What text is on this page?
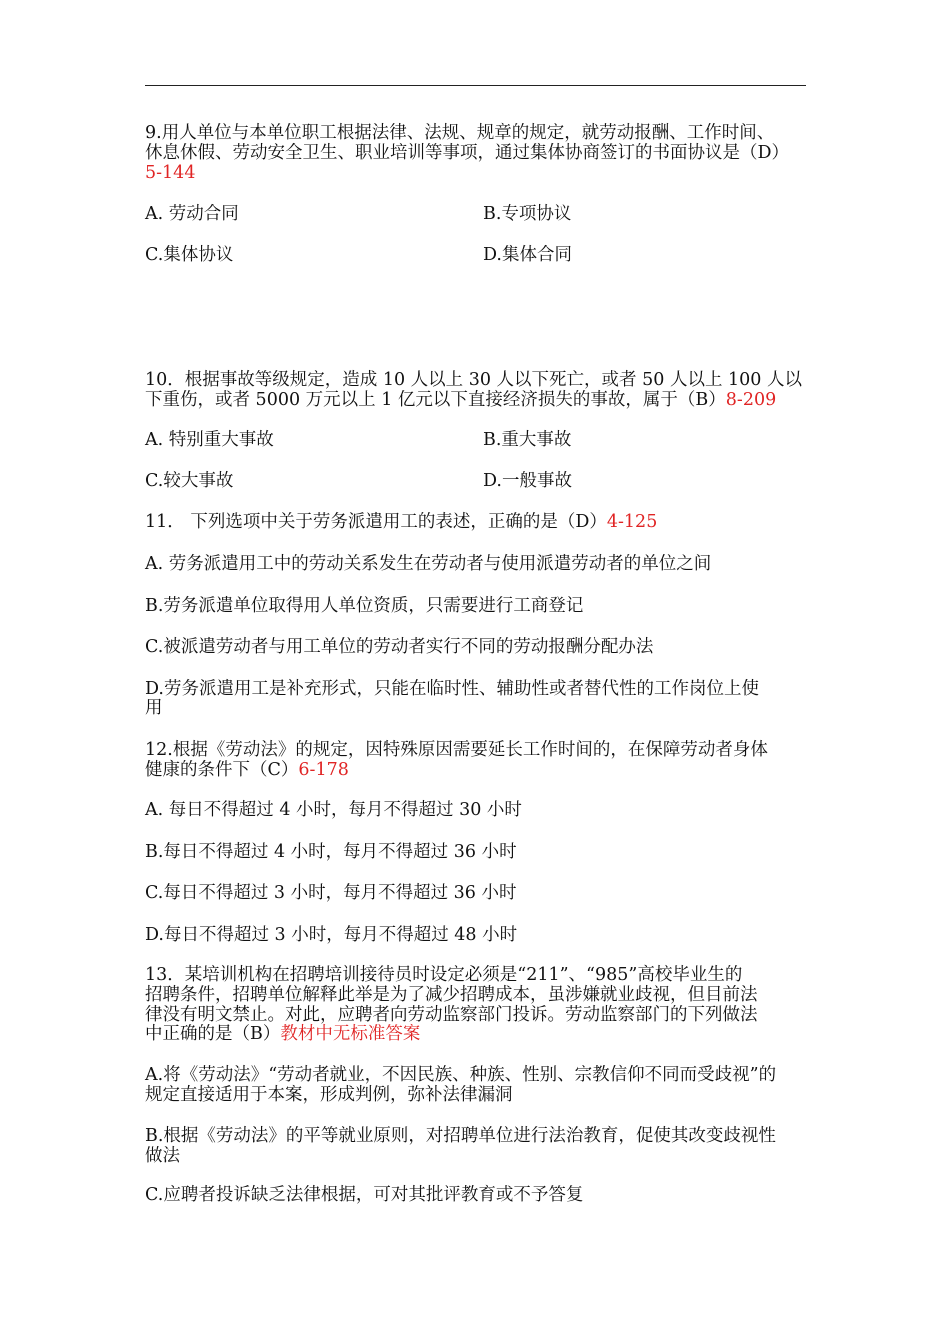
9.用人单位与本单位职工根据法律、法规、规章的规定，就劳动报酬、工作时间、

休息休假、劳动安全卫生、职业培训等事项，通过集体协商签订的书面协议是（D）

5-144

A. 劳动合同	B.专项协议

C.集体协议	D.集体合同

10．根据事故等级规定，造成 10 人以上 30 人以下死亡，或者 50 人以上 100 人以

下重伤，或者 5000 万元以上 1 亿元以下直接经济损失的事故，属于（B）8-209

A. 特别重大事故	B.重大事故

C.较大事故	D.一般事故

11． 下列选项中关于劳务派遣用工的表述，正确的是（D）4-125

A. 劳务派遣用工中的劳动关系发生在劳动者与使用派遣劳动者的单位之间

B.劳务派遣单位取得用人单位资质，只需要进行工商登记

C.被派遣劳动者与用工单位的劳动者实行不同的劳动报酬分配办法

D.劳务派遣用工是补充形式，只能在临时性、辅助性或者替代性的工作岗位上使

用

12.根据《劳动法》的规定，因特殊原因需要延长工作时间的，在保障劳动者身体

健康的条件下（C）6-178

A. 每日不得超过 4 小时，每月不得超过 30 小时

B.每日不得超过 4 小时，每月不得超过 36 小时

C.每日不得超过 3 小时，每月不得超过 36 小时

D.每日不得超过 3 小时，每月不得超过 48 小时

13．某培训机构在招聘培训接待员时设定必须是“211”、“985”高校毕业生的

招聘条件，招聘单位解释此举是为了减少招聘成本，虽涉嫌就业歧视，但目前法

律没有明文禁止。对此，应聘者向劳动监察部门投诉。劳动监察部门的下列做法

中正确的是（B）教材中无标准答案

A.将《劳动法》“劳动者就业，不因民族、种族、性别、宗教信仰不同而受歧视”的

规定直接适用于本案，形成判例，弥补法律漏洞

B.根据《劳动法》的平等就业原则，对招聘单位进行法治教育，促使其改变歧视性

做法

C.应聘者投诉缺乏法律根据，可对其批评教育或不予答复
